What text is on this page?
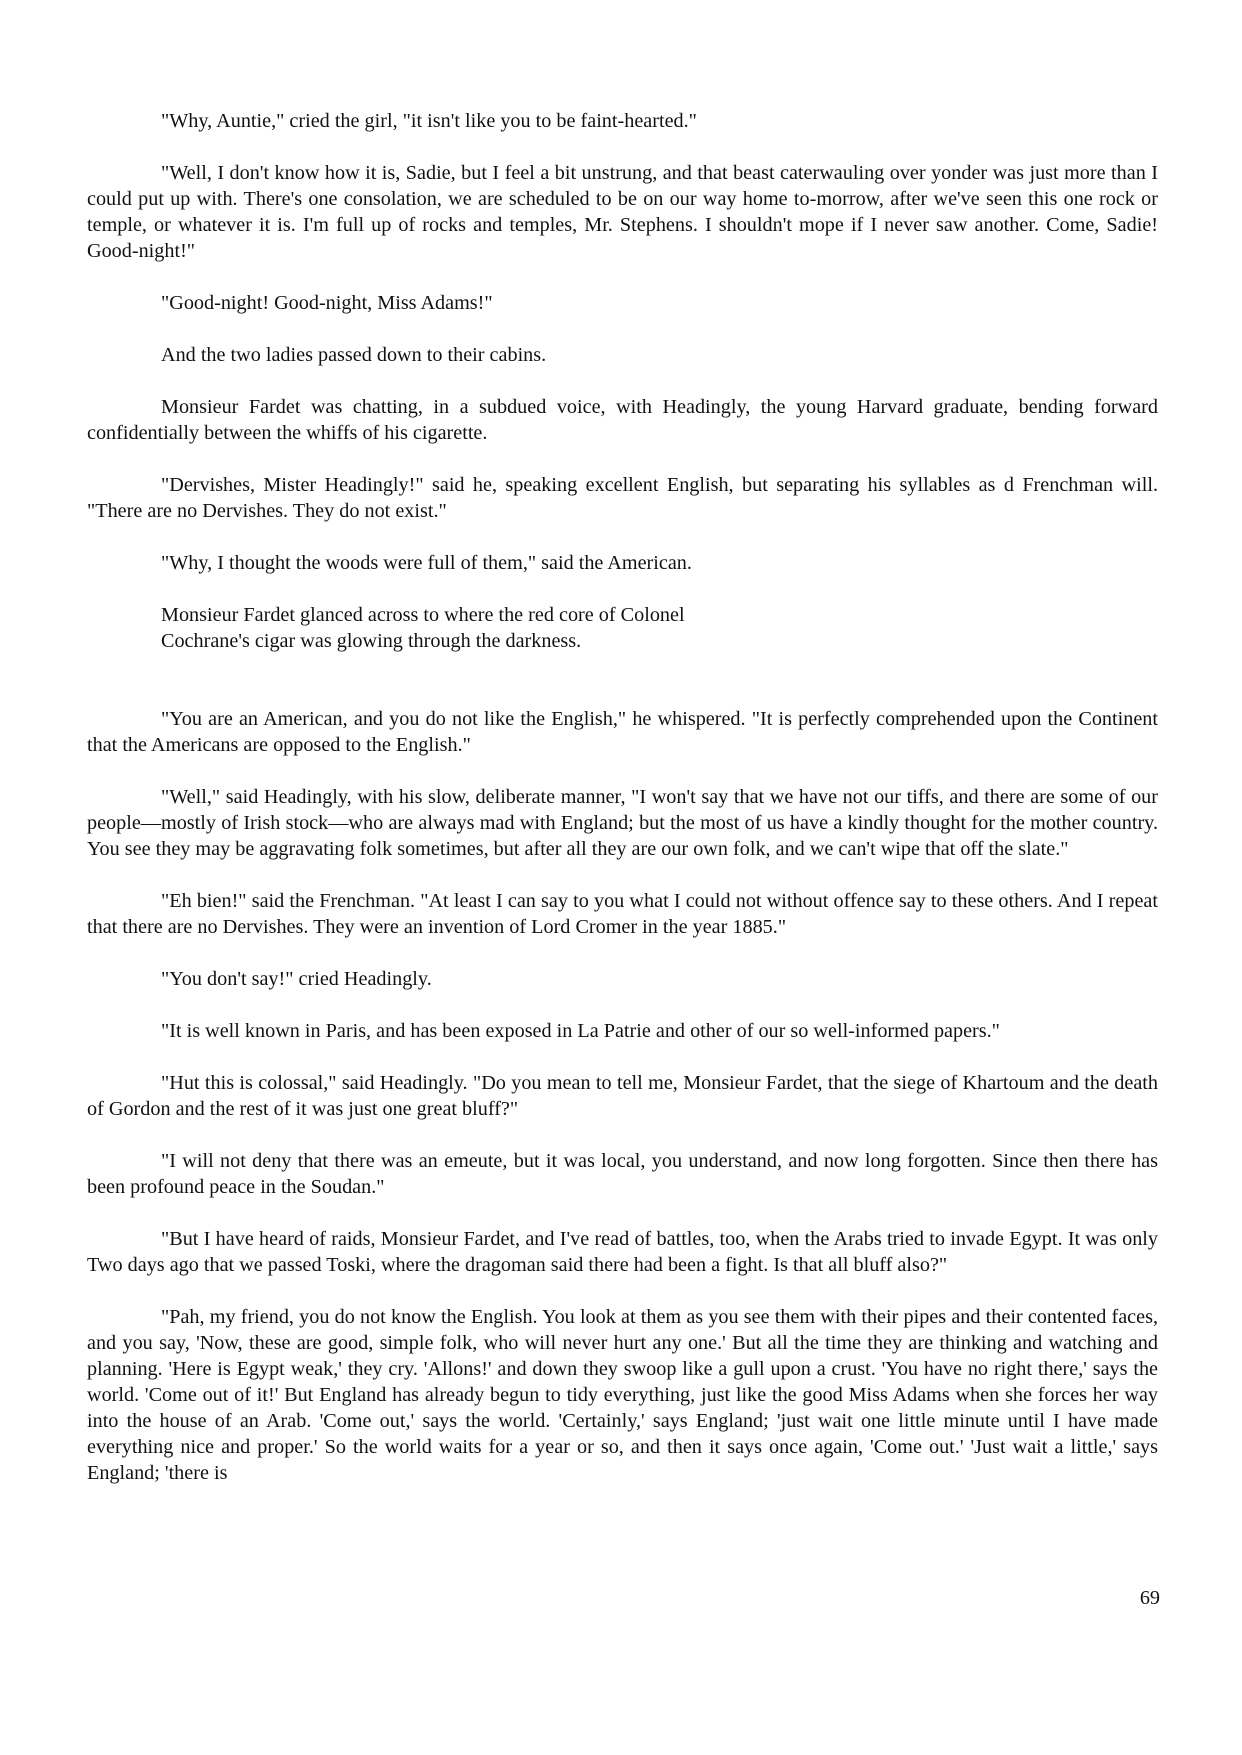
"Why, Auntie," cried the girl, "it isn't like you to be faint-hearted."

"Well, I don't know how it is, Sadie, but I feel a bit unstrung, and that beast caterwauling over yonder was just more than I could put up with. There's one consolation, we are scheduled to be on our way home to-morrow, after we've seen this one rock or temple, or whatever it is. I'm full up of rocks and temples, Mr. Stephens. I shouldn't mope if I never saw another. Come, Sadie! Good-night!"

"Good-night! Good-night, Miss Adams!"

And the two ladies passed down to their cabins.

Monsieur Fardet was chatting, in a subdued voice, with Headingly, the young Harvard graduate, bending forward confidentially between the whiffs of his cigarette.

"Dervishes, Mister Headingly!" said he, speaking excellent English, but separating his syllables as d Frenchman will. "There are no Dervishes. They do not exist."

"Why, I thought the woods were full of them," said the American.

Monsieur Fardet glanced across to where the red core of Colonel
Cochrane's cigar was glowing through the darkness.

"You are an American, and you do not like the English," he whispered. "It is perfectly comprehended upon the Continent that the Americans are opposed to the English."

"Well," said Headingly, with his slow, deliberate manner, "I won't say that we have not our tiffs, and there are some of our people—mostly of Irish stock—who are always mad with England; but the most of us have a kindly thought for the mother country. You see they may be aggravating folk sometimes, but after all they are our own folk, and we can't wipe that off the slate."

"Eh bien!" said the Frenchman. "At least I can say to you what I could not without offence say to these others. And I repeat that there are no Dervishes. They were an invention of Lord Cromer in the year 1885."

"You don't say!" cried Headingly.

"It is well known in Paris, and has been exposed in La Patrie and other of our so well-informed papers."

"Hut this is colossal," said Headingly. "Do you mean to tell me, Monsieur Fardet, that the siege of Khartoum and the death of Gordon and the rest of it was just one great bluff?"

"I will not deny that there was an emeute, but it was local, you understand, and now long forgotten. Since then there has been profound peace in the Soudan."

"But I have heard of raids, Monsieur Fardet, and I've read of battles, too, when the Arabs tried to invade Egypt. It was only Two days ago that we passed Toski, where the dragoman said there had been a fight. Is that all bluff also?"

"Pah, my friend, you do not know the English. You look at them as you see them with their pipes and their contented faces, and you say, 'Now, these are good, simple folk, who will never hurt any one.' But all the time they are thinking and watching and planning. 'Here is Egypt weak,' they cry. 'Allons!' and down they swoop like a gull upon a crust. 'You have no right there,' says the world. 'Come out of it!' But England has already begun to tidy everything, just like the good Miss Adams when she forces her way into the house of an Arab. 'Come out,' says the world. 'Certainly,' says England; 'just wait one little minute until I have made everything nice and proper.' So the world waits for a year or so, and then it says once again, 'Come out.' 'Just wait a little,' says England; 'there is

69
